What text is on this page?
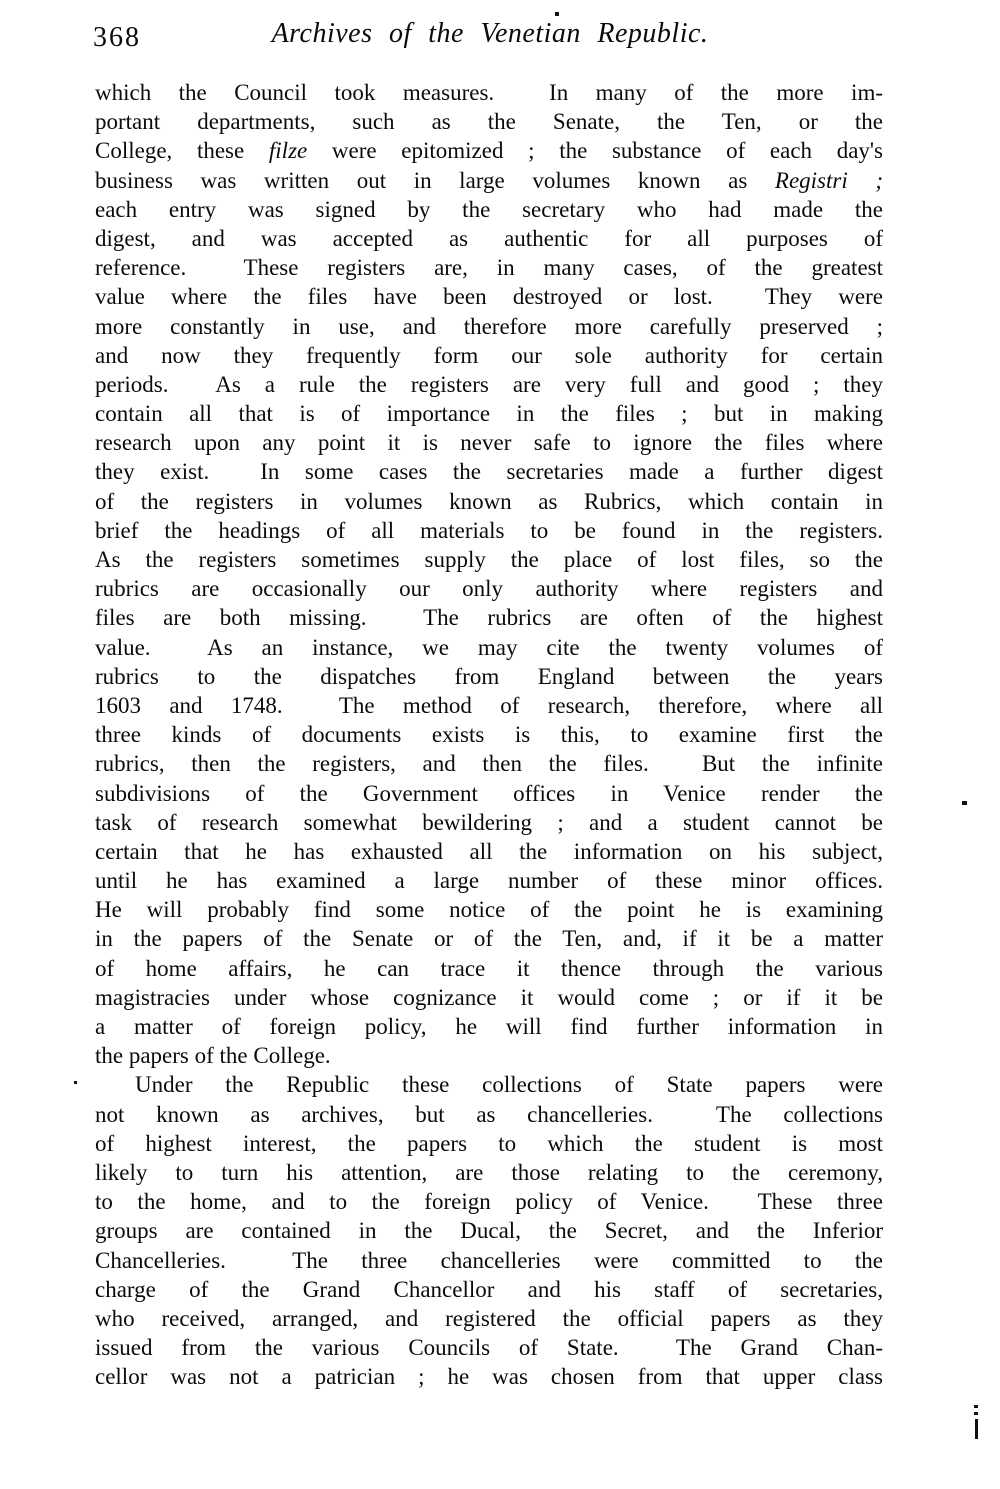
368	Archives of the Venetian Republic.
which the Council took measures.  In many of the more im-
portant departments, such as the Senate, the Ten, or the
College, these filze were epitomized ; the substance of each day's
business was written out in large volumes known as Registri ;
each entry was signed by the secretary who had made the
digest, and was accepted as authentic for all purposes of
reference.  These registers are, in many cases, of the greatest
value where the files have been destroyed or lost.  They were
more constantly in use, and therefore more carefully preserved ;
and now they frequently form our sole authority for certain
periods.  As a rule the registers are very full and good ; they
contain all that is of importance in the files ; but in making
research upon any point it is never safe to ignore the files where
they exist.  In some cases the secretaries made a further digest
of the registers in volumes known as Rubrics, which contain in
brief the headings of all materials to be found in the registers.
As the registers sometimes supply the place of lost files, so the
rubrics are occasionally our only authority where registers and
files are both missing.  The rubrics are often of the highest
value.  As an instance, we may cite the twenty volumes of
rubrics to the dispatches from England between the years
1603 and 1748.  The method of research, therefore, where all
three kinds of documents exists is this, to examine first the
rubrics, then the registers, and then the files.  But the infinite
subdivisions of the Government offices in Venice render the
task of research somewhat bewildering ; and a student cannot be
certain that he has exhausted all the information on his subject,
until he has examined a large number of these minor offices.
He will probably find some notice of the point he is examining
in the papers of the Senate or of the Ten, and, if it be a matter
of home affairs, he can trace it thence through the various
magistracies under whose cognizance it would come ; or if it be
a matter of foreign policy, he will find further information in
the papers of the College.
Under the Republic these collections of State papers were
not known as archives, but as chancelleries.  The collections
of highest interest, the papers to which the student is most
likely to turn his attention, are those relating to the ceremony,
to the home, and to the foreign policy of Venice.  These three
groups are contained in the Ducal, the Secret, and the Inferior
Chancelleries.  The three chancelleries were committed to the
charge of the Grand Chancellor and his staff of secretaries,
who received, arranged, and registered the official papers as they
issued from the various Councils of State.  The Grand Chan-
cellor was not a patrician ; he was chosen from that upper class
